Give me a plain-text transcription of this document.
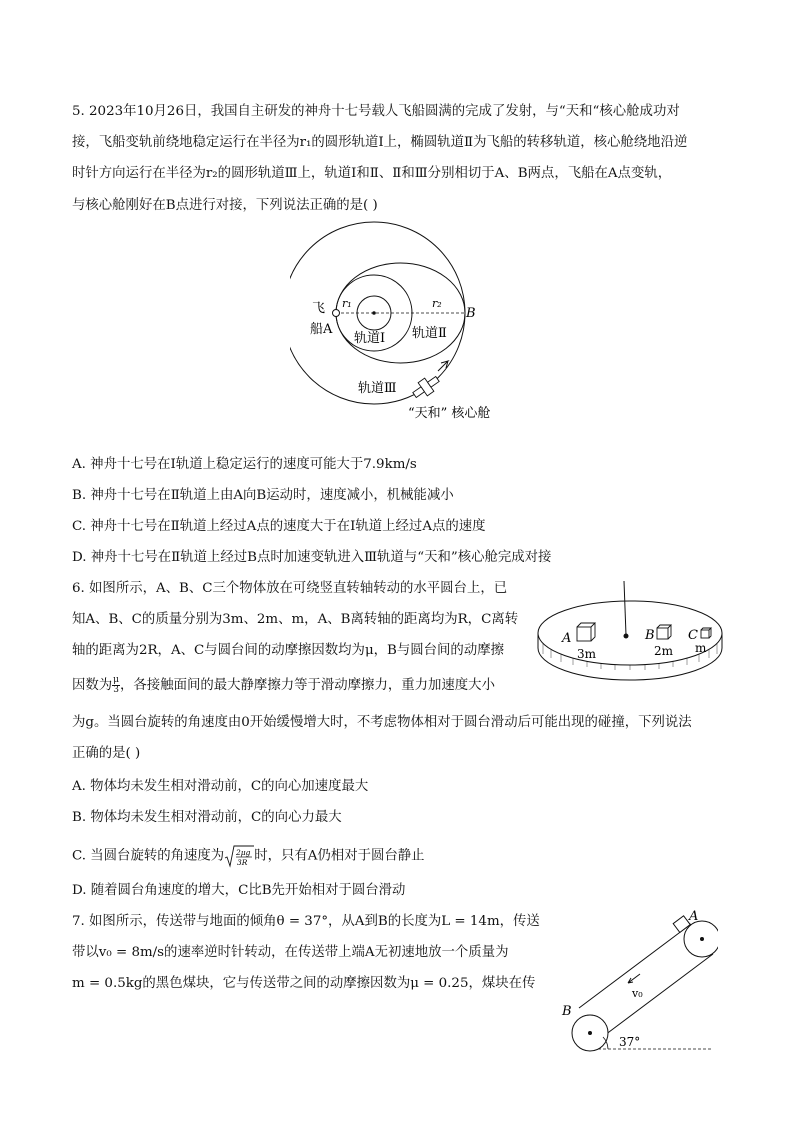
5. 2023年10月26日，我国自主研发的神舟十七号载人飞船圆满的完成了发射，与“天和“核心舱成功对
接，飞船变轨前绕地稳定运行在半径为r₁的圆形轨道I上，椭圆轨道Ⅱ为飞船的转移轨道，核心舱绕地沿逆
时针方向运行在半径为r₂的圆形轨道Ⅲ上，轨道Ⅰ和Ⅱ、Ⅱ和Ⅲ分别相切于A、B两点，飞船在A点变轨，
与核心舱刚好在B点进行对接，下列说法正确的是( )
飞
船A
r₁	r₂
B
轨道Ⅰ 轨道Ⅱ
轨道Ⅲ
“天和” 核心舱
A. 神舟十七号在Ⅰ轨道上稳定运行的速度可能大于7.9km/s
B. 神舟十七号在Ⅱ轨道上由A向B运动时，速度减小，机械能减小
C. 神舟十七号在Ⅱ轨道上经过A点的速度大于在Ⅰ轨道上经过A点的速度
D. 神舟十七号在Ⅱ轨道上经过B点时加速变轨进入Ⅲ轨道与“天和”核心舱完成对接
6. 如图所示，A、B、C三个物体放在可绕竖直转轴转动的水平圆台上，已
知A、B、C的质量分别为3m、2m、m，A、B离转轴的距离均为R，C离转
轴的距离为2R，A、C与圆台间的动摩擦因数均为μ，B与圆台间的动摩擦
因数为 $\frac{\mu}{3}$ ，各接触面间的最大静摩擦力等于滑动摩擦力，重力加速度大小
为g。当圆台旋转的角速度由0开始缓慢增大时，不考虑物体相对于圆台滑动后可能出现的碰撞，下列说法
正确的是( )
A	B	C
3m	2m m
A. 物体均未发生相对滑动前，C的向心加速度最大
B. 物体均未发生相对滑动前，C的向心力最大
C. 当圆台旋转的角速度为 2μg
3R 时，只有A仍相对于圆台静止
D. 随着圆台角速度的增大，C比B先开始相对于圆台滑动
7. 如图所示，传送带与地面的倾角θ = 37°，从A到B的长度为L = 14m，传送
带以v₀ = 8m/s的速率逆时针转动，在传送带上端A无初速地放一个质量为
m = 0.5kg的黑色煤块，它与传送带之间的动摩擦因数为μ = 0.25，煤块在传
A
B
v₀
37°
